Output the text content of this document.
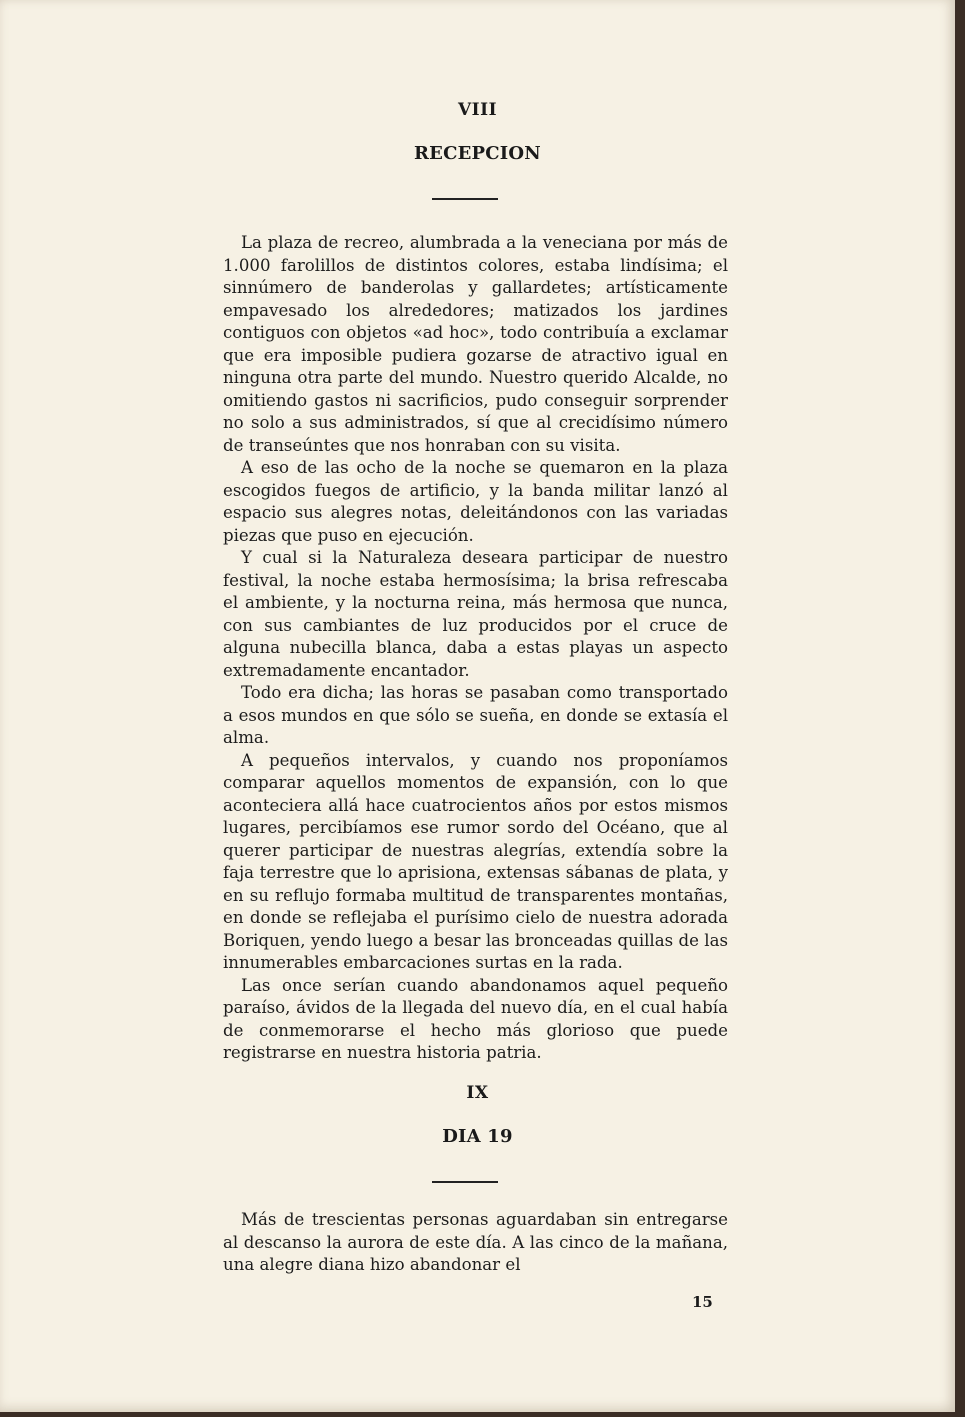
VIII
RECEPCION

La plaza de recreo, alumbrada a la veneciana por más de 1.000 farolillos de distintos colores, estaba lindísima; el sinnúmero de banderolas y gallardetes; artísticamente empavesado los alrededores; matizados los jardines contiguos con objetos «ad hoc», todo contribuía a exclamar que era imposible pudiera gozarse de atractivo igual en ninguna otra parte del mundo. Nuestro querido Alcalde, no omitiendo gastos ni sacrificios, pudo conseguir sorprender no solo a sus administrados, sí que al crecidísimo número de transeúntes que nos honraban con su visita.

A eso de las ocho de la noche se quemaron en la plaza escogidos fuegos de artificio, y la banda militar lanzó al espacio sus alegres notas, deleitándonos con las variadas piezas que puso en ejecución.

Y cual si la Naturaleza deseara participar de nuestro festival, la noche estaba hermosísima; la brisa refrescaba el ambiente, y la nocturna reina, más hermosa que nunca, con sus cambiantes de luz producidos por el cruce de alguna nubecilla blanca, daba a estas playas un aspecto extremadamente encantador.

Todo era dicha; las horas se pasaban como transportado a esos mundos en que sólo se sueña, en donde se extasía el alma.

A pequeños intervalos, y cuando nos proponíamos comparar aquellos momentos de expansión, con lo que aconteciera allá hace cuatrocientos años por estos mismos lugares, percibíamos ese rumor sordo del Océano, que al querer participar de nuestras alegrías, extendía sobre la faja terrestre que lo aprisiona, extensas sábanas de plata, y en su reflujo formaba multitud de transparentes montañas, en donde se reflejaba el purísimo cielo de nuestra adorada Boriquen, yendo luego a besar las bronceadas quillas de las innumerables embarcaciones surtas en la rada.

Las once serían cuando abandonamos aquel pequeño paraíso, ávidos de la llegada del nuevo día, en el cual había de conmemorarse el hecho más glorioso que puede registrarse en nuestra historia patria.

IX
DIA 19

Más de trescientas personas aguardaban sin entregarse al descanso la aurora de este día. A las cinco de la mañana, una alegre diana hizo abandonar el

15
